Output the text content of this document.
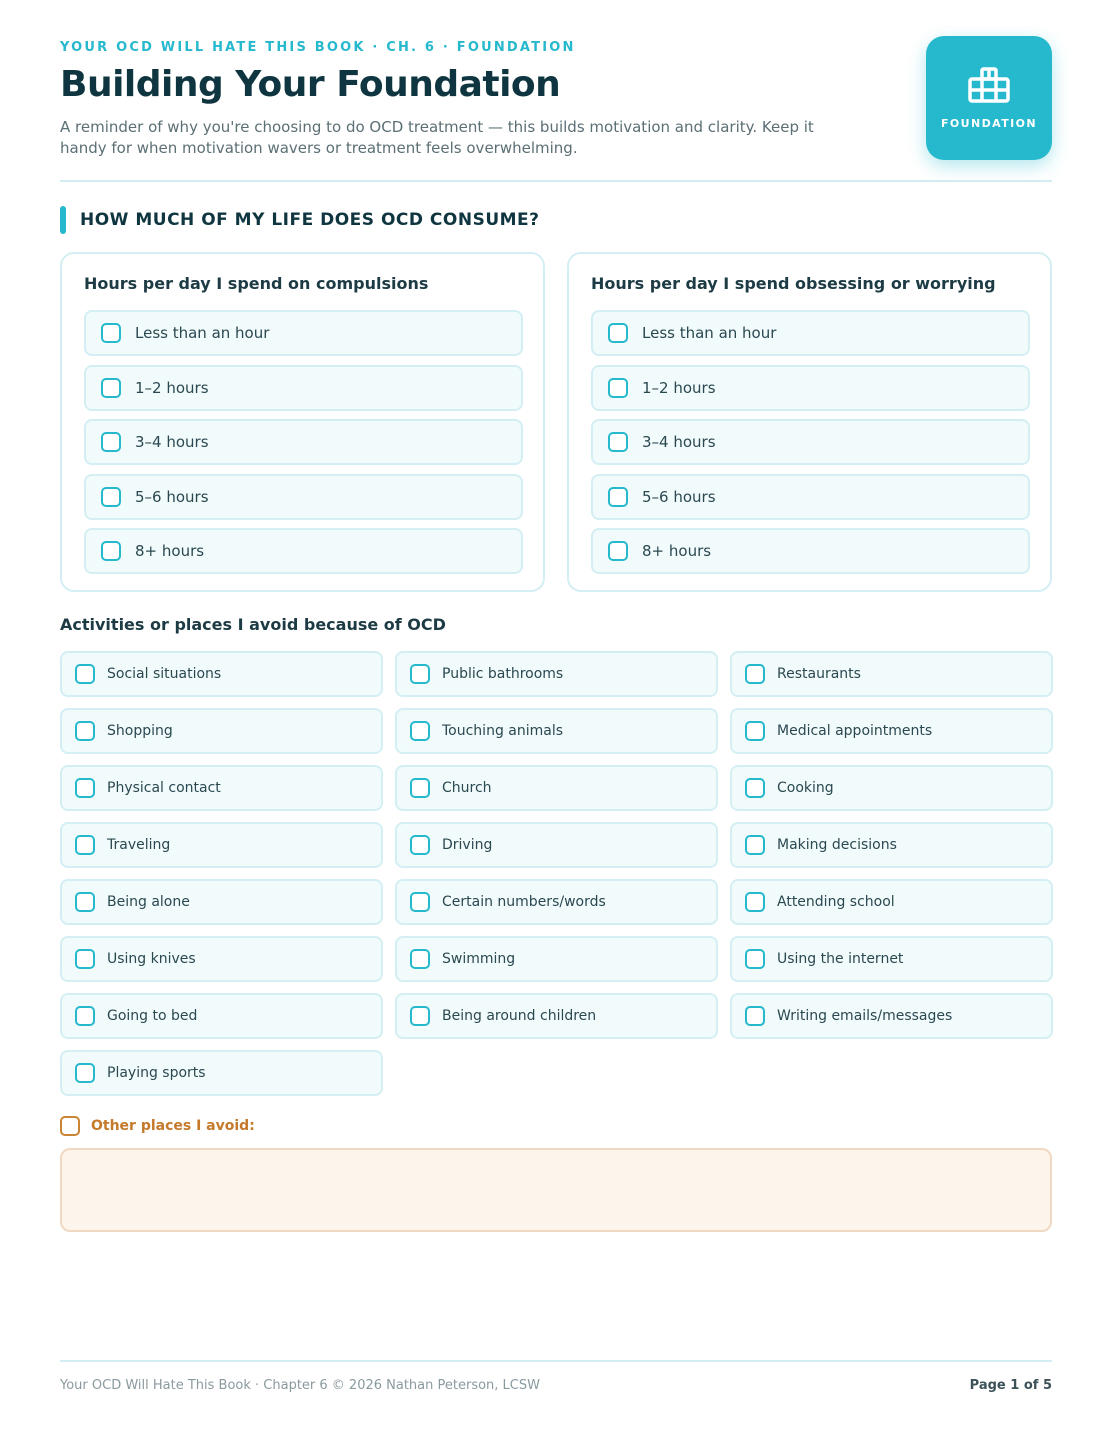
YOUR OCD WILL HATE THIS BOOK · CH. 6 · FOUNDATION
Building Your Foundation

A reminder of why you're choosing to do OCD treatment — this builds motivation and clarity. Keep it handy for when motivation wavers or treatment feels overwhelming.

FOUNDATION
HOW MUCH OF MY LIFE DOES OCD CONSUME?
Hours per day I spend on compulsions
Less than an hour
1–2 hours
3–4 hours
5–6 hours
8+ hours
Hours per day I spend obsessing or worrying
Less than an hour
1–2 hours
3–4 hours
5–6 hours
8+ hours
Activities or places I avoid because of OCD
Social situations	Public bathrooms	Restaurants
Shopping	Touching animals	Medical appointments
Physical contact	Church	Cooking
Traveling	Driving	Making decisions
Being alone	Certain numbers/words	Attending school
Using knives	Swimming	Using the internet
Going to bed	Being around children	Writing emails/messages
Playing sports
Other places I avoid:
Your OCD Will Hate This Book · Chapter 6 © 2026 Nathan Peterson, LCSW	Page 1 of 5
